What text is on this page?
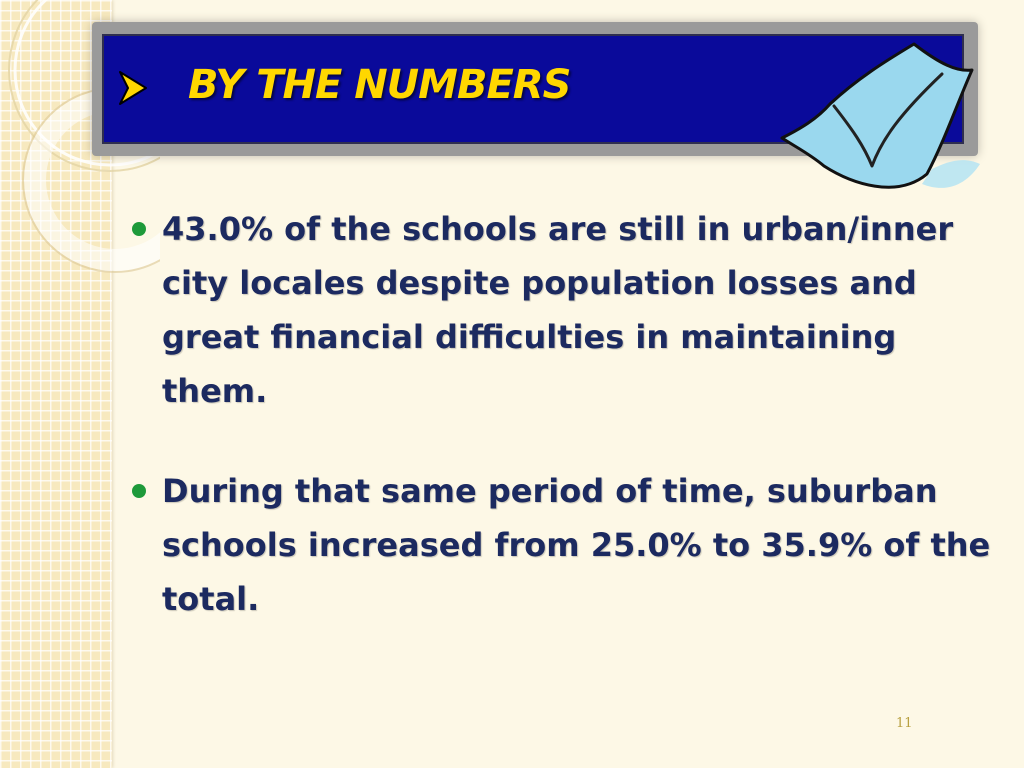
BY THE NUMBERS
43.0% of the schools are still in urban/inner city locales despite population losses and great financial difficulties in maintaining them.
During that same period of time, suburban schools increased from 25.0% to 35.9% of the total.
11
